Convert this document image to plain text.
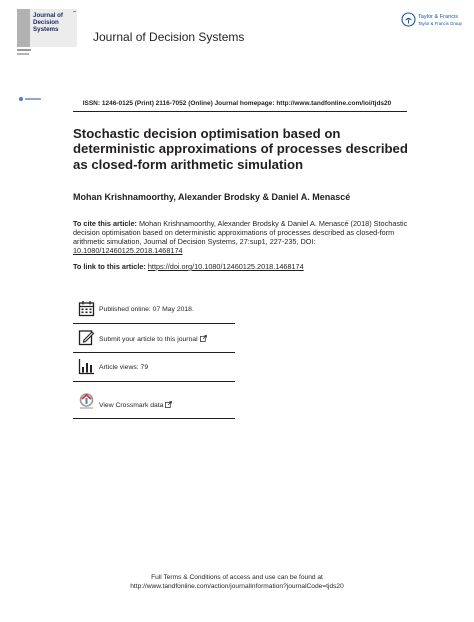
Journal of
Decision
Systems
Journal of Decision Systems
Taylor & Francis
Taylor & Francis Group
ISSN: 1246-0125 (Print) 2116-7052 (Online) Journal homepage: http://www.tandfonline.com/loi/tjds20
Stochastic decision optimisation based on deterministic approximations of processes described as closed-form arithmetic simulation
Mohan Krishnamoorthy, Alexander Brodsky & Daniel A. Menascé
To cite this article: Mohan Krishnamoorthy, Alexander Brodsky & Daniel A. Menascé (2018) Stochastic decision optimisation based on deterministic approximations of processes described as closed-form arithmetic simulation, Journal of Decision Systems, 27:sup1, 227-235, DOI: 10.1080/12460125.2018.1468174
To link to this article: https://doi.org/10.1080/12460125.2018.1468174
Published online: 07 May 2018.
Submit your article to this journal
Article views: 79
View Crossmark data
Full Terms & Conditions of access and use can be found at
http://www.tandfonline.com/action/journalInformation?journalCode=tjds20
